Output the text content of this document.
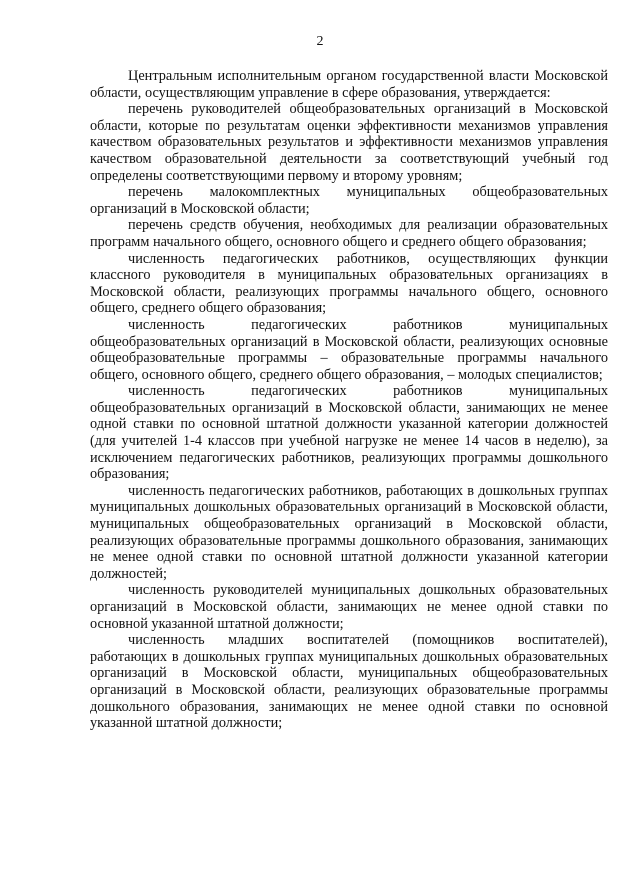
2

Центральным исполнительным органом государственной власти Московской области, осуществляющим управление в сфере образования, утверждается:

перечень руководителей общеобразовательных организаций в Московской области, которые по результатам оценки эффективности механизмов управления качеством образовательных результатов и эффективности механизмов управления качеством образовательной деятельности за соответствующий учебный год определены соответствующими первому и второму уровням;

перечень малокомплектных муниципальных общеобразовательных организаций в Московской области;

перечень средств обучения, необходимых для реализации образовательных программ начального общего, основного общего и среднего общего образования;

численность педагогических работников, осуществляющих функции классного руководителя в муниципальных образовательных организациях в Московской области, реализующих программы начального общего, основного общего, среднего общего образования;

численность педагогических работников муниципальных общеобразовательных организаций в Московской области, реализующих основные общеобразовательные программы – образовательные программы начального общего, основного общего, среднего общего образования, – молодых специалистов;

численность педагогических работников муниципальных общеобразовательных организаций в Московской области, занимающих не менее одной ставки по основной штатной должности указанной категории должностей (для учителей 1-4 классов при учебной нагрузке не менее 14 часов в неделю), за исключением педагогических работников, реализующих программы дошкольного образования;

численность педагогических работников, работающих в дошкольных группах муниципальных дошкольных образовательных организаций в Московской области, муниципальных общеобразовательных организаций в Московской области, реализующих образовательные программы дошкольного образования, занимающих не менее одной ставки по основной штатной должности указанной категории должностей;

численность руководителей муниципальных дошкольных образовательных организаций в Московской области, занимающих не менее одной ставки по основной указанной штатной должности;

численность младших воспитателей (помощников воспитателей), работающих в дошкольных группах муниципальных дошкольных образовательных организаций в Московской области, муниципальных общеобразовательных организаций в Московской области, реализующих образовательные программы дошкольного образования, занимающих не менее одной ставки по основной указанной штатной должности;
